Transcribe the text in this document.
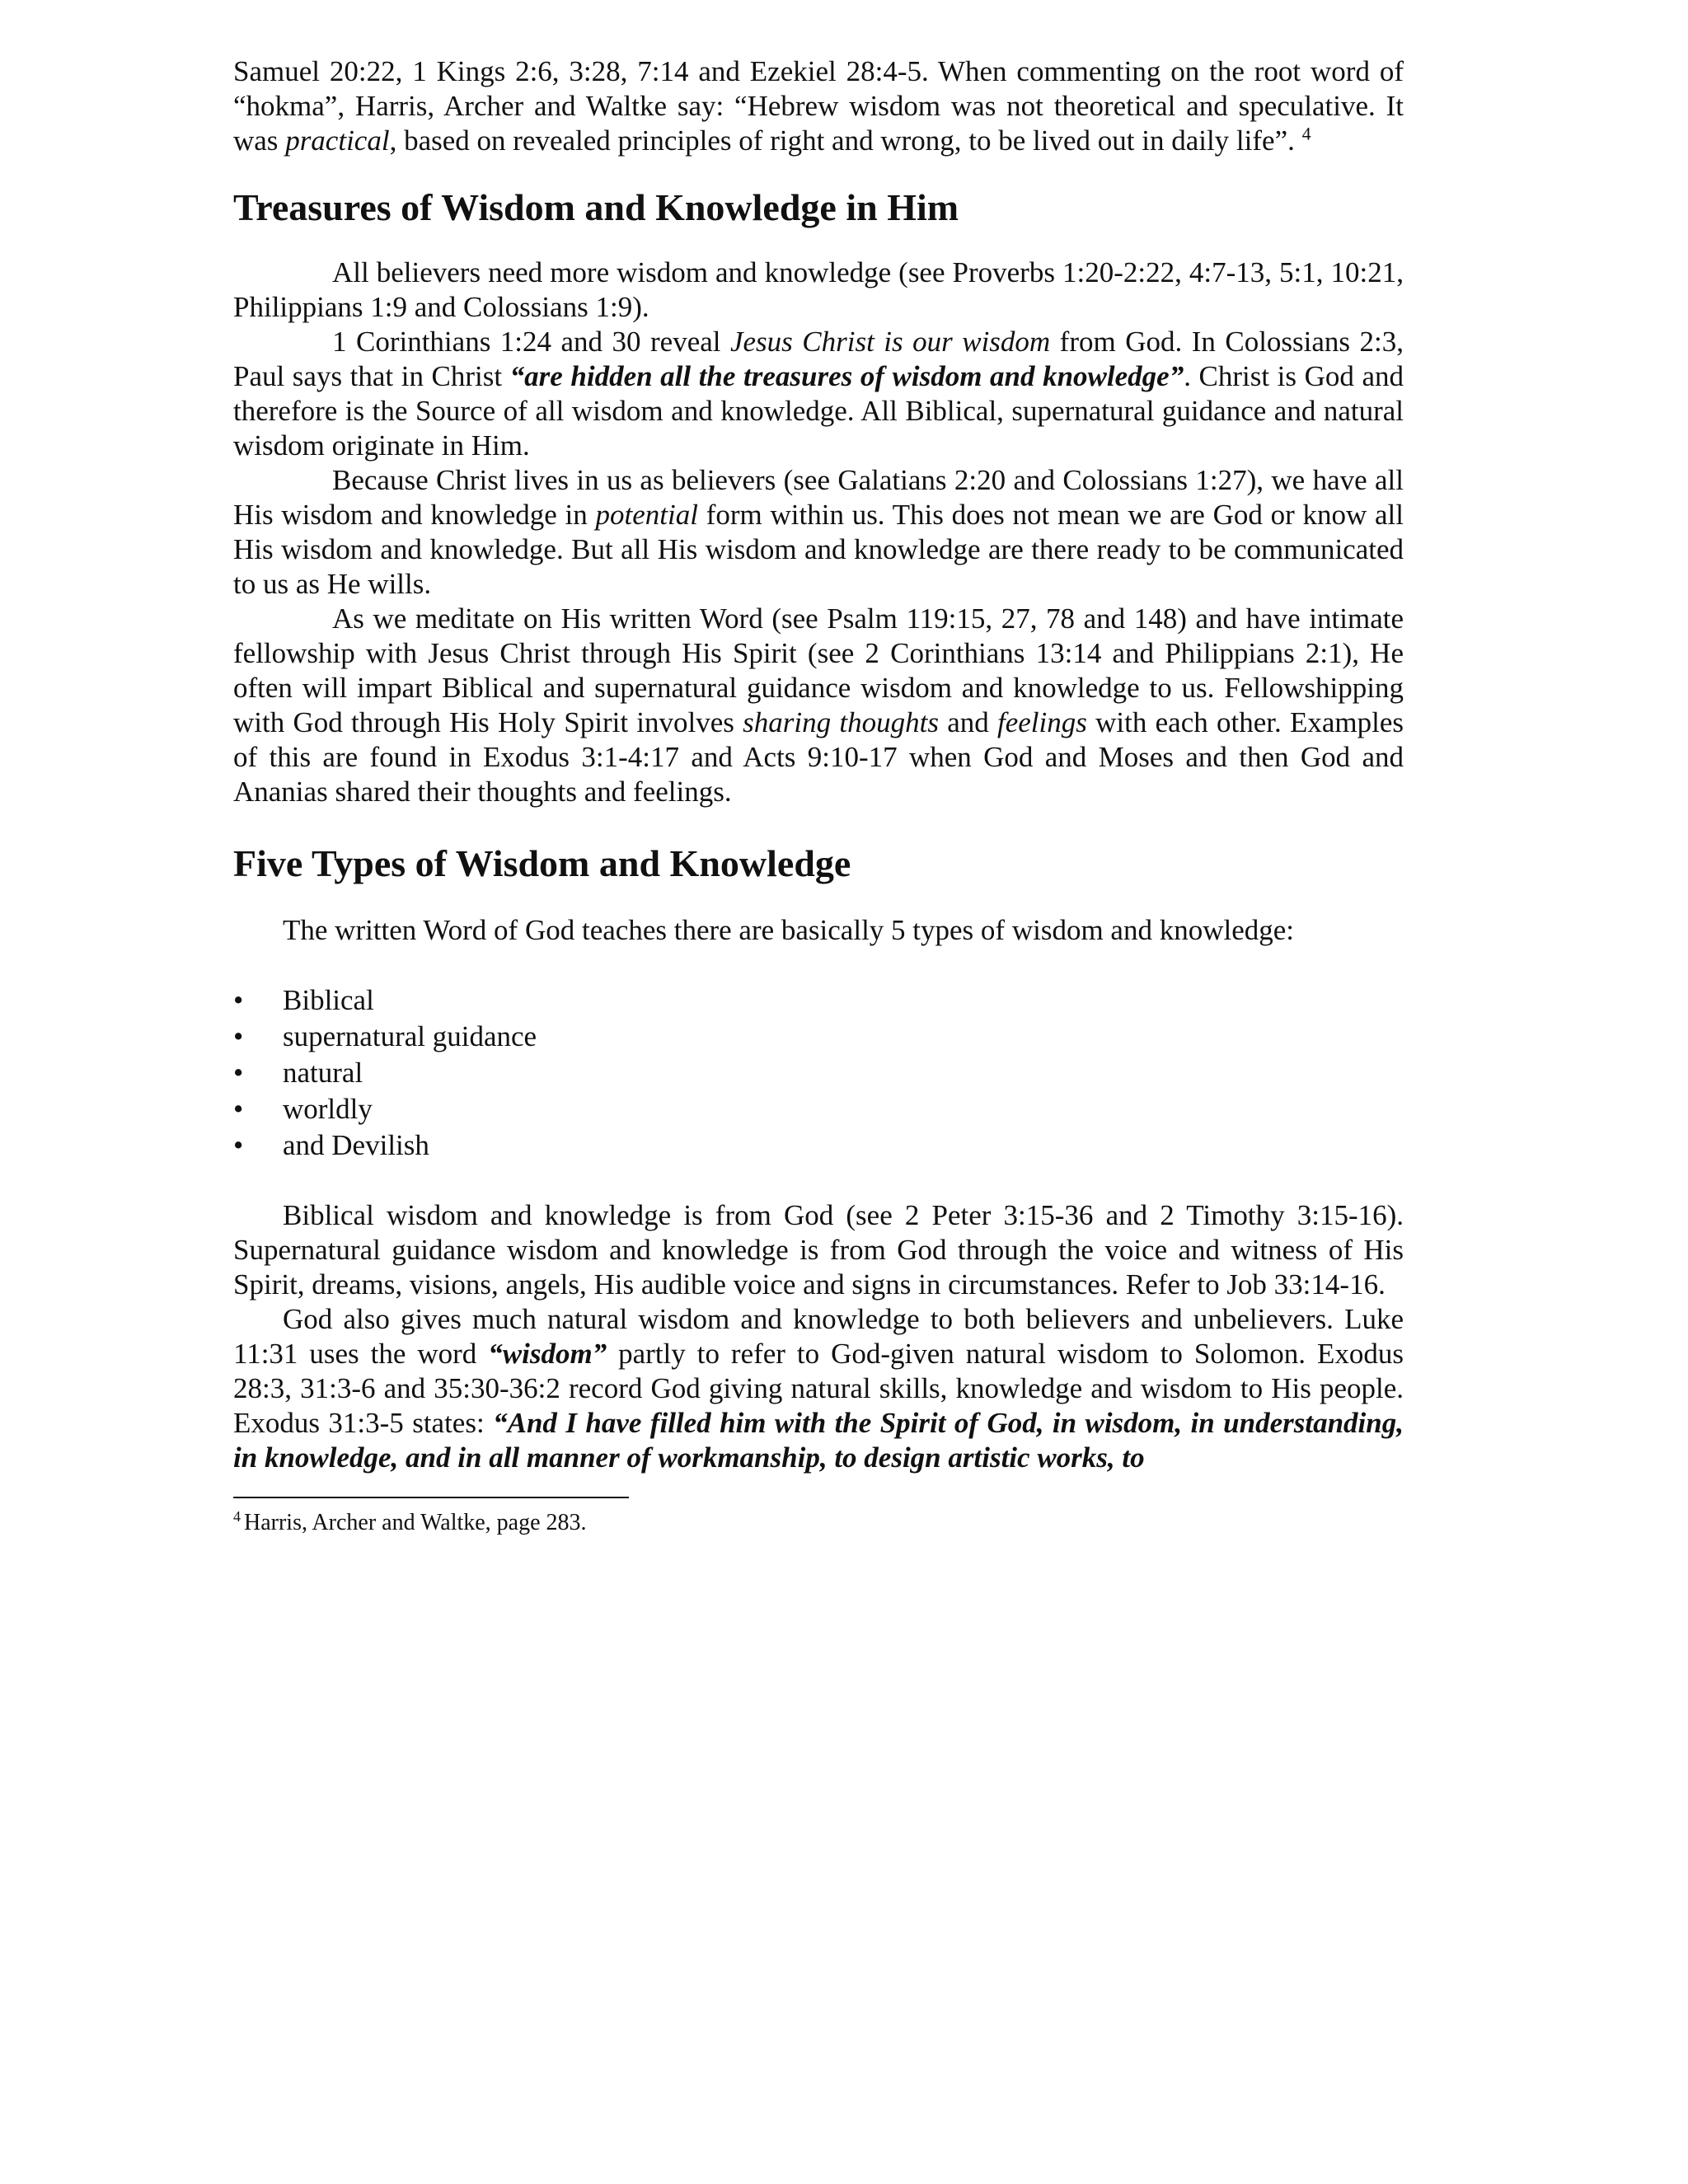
Samuel 20:22, 1 Kings 2:6, 3:28, 7:14 and Ezekiel 28:4-5. When commenting on the root word of “hokma”, Harris, Archer and Waltke say: “Hebrew wisdom was not theoretical and speculative. It was practical, based on revealed principles of right and wrong, to be lived out in daily life”. $^4$

Treasures of Wisdom and Knowledge in Him

All believers need more wisdom and knowledge (see Proverbs 1:20-2:22, 4:7-13, 5:1, 10:21, Philippians 1:9 and Colossians 1:9).

1 Corinthians 1:24 and 30 reveal Jesus Christ is our wisdom from God. In Colossians 2:3, Paul says that in Christ “are hidden all the treasures of wisdom and knowledge”. Christ is God and therefore is the Source of all wisdom and knowledge. All Biblical, supernatural guidance and natural wisdom originate in Him.

Because Christ lives in us as believers (see Galatians 2:20 and Colossians 1:27), we have all His wisdom and knowledge in potential form within us. This does not mean we are God or know all His wisdom and knowledge. But all His wisdom and knowledge are there ready to be communicated to us as He wills.

As we meditate on His written Word (see Psalm 119:15, 27, 78 and 148) and have intimate fellowship with Jesus Christ through His Spirit (see 2 Corinthians 13:14 and Philippians 2:1), He often will impart Biblical and supernatural guidance wisdom and knowledge to us. Fellowshipping with God through His Holy Spirit involves sharing thoughts and feelings with each other. Examples of this are found in Exodus 3:1-4:17 and Acts 9:10-17 when God and Moses and then God and Ananias shared their thoughts and feelings.

Five Types of Wisdom and Knowledge

The written Word of God teaches there are basically 5 types of wisdom and knowledge:

• Biblical
• supernatural guidance
• natural
• worldly
• and Devilish

Biblical wisdom and knowledge is from God (see 2 Peter 3:15-36 and 2 Timothy 3:15-16). Supernatural guidance wisdom and knowledge is from God through the voice and witness of His Spirit, dreams, visions, angels, His audible voice and signs in circumstances. Refer to Job 33:14-16.

God also gives much natural wisdom and knowledge to both believers and unbelievers. Luke 11:31 uses the word “wisdom” partly to refer to God-given natural wisdom to Solomon. Exodus 28:3, 31:3-6 and 35:30-36:2 record God giving natural skills, knowledge and wisdom to His people. Exodus 31:3-5 states: “And I have filled him with the Spirit of God, in wisdom, in understanding, in knowledge, and in all manner of workmanship, to design artistic works, to

$^4$ Harris, Archer and Waltke, page 283.
